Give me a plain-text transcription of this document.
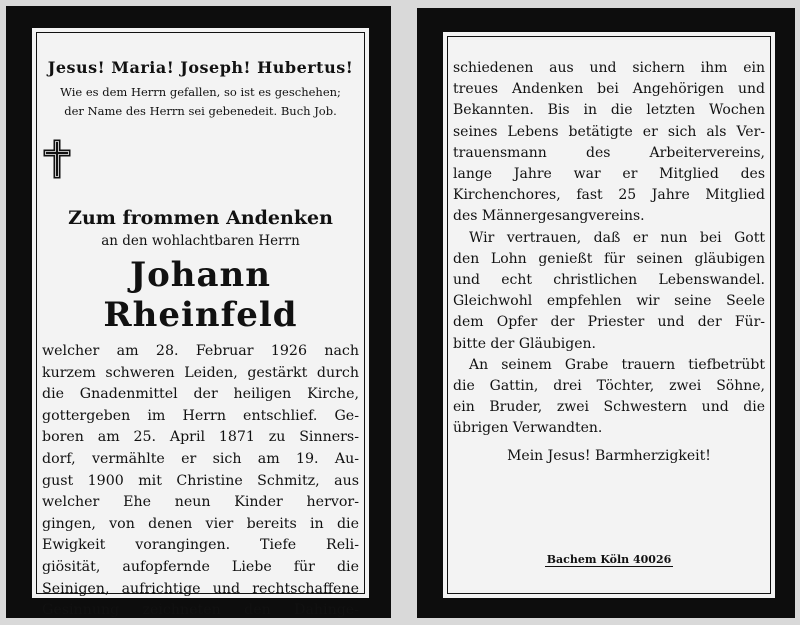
Jesus! Maria! Joseph! Hubertus!
Wie es dem Herrn gefallen, so ist es geschehen;
der Name des Herrn sei gebenedeit. Buch Job.
Zum frommen Andenken
an den wohlachtbaren Herrn
Johann Rheinfeld

welcher am 28. Februar 1926 nach
kurzem schweren Leiden, gestärkt durch
die Gnadenmittel der heiligen Kirche,
gottergeben im Herrn entschlief. Ge-
boren am 25. April 1871 zu Sinners-
dorf, vermählte er sich am 19. Au-
gust 1900 mit Christine Schmitz, aus
welcher Ehe neun Kinder hervor-
gingen, von denen vier bereits in die
Ewigkeit vorangingen. Tiefe Reli-
giösität, aufopfernde Liebe für die
Seinigen, aufrichtige und rechtschaffene
Gesinnung zeichneten den Dahinge-

schiedenen aus und sichern ihm ein
treues Andenken bei Angehörigen und
Bekannten. Bis in die letzten Wochen
seines Lebens betätigte er sich als Ver-
trauensmann des Arbeitervereins,
lange Jahre war er Mitglied des
Kirchenchores, fast 25 Jahre Mitglied
des Männergesangvereins.

Wir vertrauen, daß er nun bei Gott
den Lohn genießt für seinen gläubigen
und echt christlichen Lebenswandel.
Gleichwohl empfehlen wir seine Seele
dem Opfer der Priester und der Für-
bitte der Gläubigen.

An seinem Grabe trauern tiefbetrübt
die Gattin, drei Töchter, zwei Söhne,
ein Bruder, zwei Schwestern und die
übrigen Verwandten.

Mein Jesus! Barmherzigkeit!
Bachem Köln 40026
